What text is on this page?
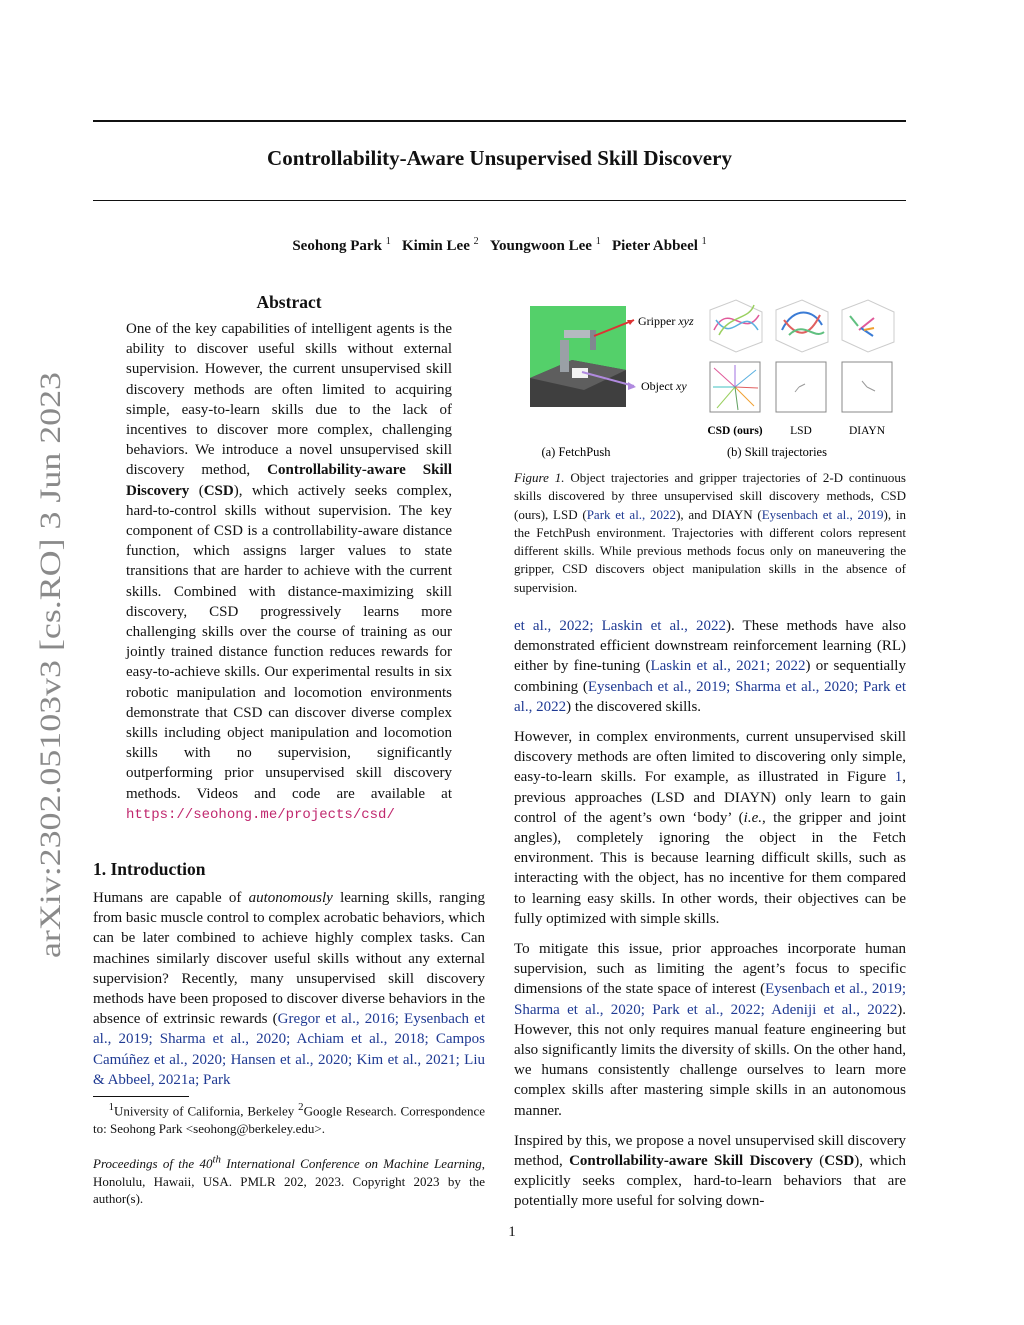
Controllability-Aware Unsupervised Skill Discovery
Seohong Park $^1$ Kimin Lee $^2$ Youngwoon Lee $^1$ Pieter Abbeel $^1$
arXiv:2302.05103v3 [cs.RO] 3 Jun 2023
Abstract
One of the key capabilities of intelligent agents is the ability to discover useful skills without external supervision. However, the current unsupervised skill discovery methods are often limited to acquiring simple, easy-to-learn skills due to the lack of incentives to discover more complex, challenging behaviors. We introduce a novel unsupervised skill discovery method, Controllability-aware Skill Discovery (CSD), which actively seeks complex, hard-to-control skills without supervision. The key component of CSD is a controllability-aware distance function, which assigns larger values to state transitions that are harder to achieve with the current skills. Combined with distance-maximizing skill discovery, CSD progressively learns more challenging skills over the course of training as our jointly trained distance function reduces rewards for easy-to-achieve skills. Our experimental results in six robotic manipulation and locomotion environments demonstrate that CSD can discover diverse complex skills including object manipulation and locomotion skills with no supervision, significantly outperforming prior unsupervised skill discovery methods. Videos and code are available at https://seohong.me/projects/csd/
1. Introduction
Humans are capable of autonomously learning skills, ranging from basic muscle control to complex acrobatic behaviors, which can be later combined to achieve highly complex tasks. Can machines similarly discover useful skills without any external supervision? Recently, many unsupervised skill discovery methods have been proposed to discover diverse behaviors in the absence of extrinsic rewards (Gregor et al., 2016; Eysenbach et al., 2019; Sharma et al., 2020; Achiam et al., 2018; Campos Camúñez et al., 2020; Hansen et al., 2020; Kim et al., 2021; Liu & Abbeel, 2021a; Park
$^1$University of California, Berkeley $^2$Google Research. Correspondence to: Seohong Park <seohong@berkeley.edu>.
Proceedings of the 40th International Conference on Machine Learning, Honolulu, Hawaii, USA. PMLR 202, 2023. Copyright 2023 by the author(s).
Gripper xyz
Object xy
CSD (ours) LSD	DIAYN
(a) FetchPush	(b) Skill trajectories
Figure 1. Object trajectories and gripper trajectories of 2-D continuous skills discovered by three unsupervised skill discovery methods, CSD (ours), LSD (Park et al., 2022), and DIAYN (Eysenbach et al., 2019), in the FetchPush environment. Trajectories with different colors represent different skills. While previous methods focus only on maneuvering the gripper, CSD discovers object manipulation skills in the absence of supervision.

et al., 2022; Laskin et al., 2022). These methods have also demonstrated efficient downstream reinforcement learning (RL) either by fine-tuning (Laskin et al., 2021; 2022) or sequentially combining (Eysenbach et al., 2019; Sharma et al., 2020; Park et al., 2022) the discovered skills.

However, in complex environments, current unsupervised skill discovery methods are often limited to discovering only simple, easy-to-learn skills. For example, as illustrated in Figure 1, previous approaches (LSD and DIAYN) only learn to gain control of the agent’s own ‘body’ (i.e., the gripper and joint angles), completely ignoring the object in the Fetch environment. This is because learning difficult skills, such as interacting with the object, has no incentive for them compared to learning easy skills. In other words, their objectives can be fully optimized with simple skills.

To mitigate this issue, prior approaches incorporate human supervision, such as limiting the agent’s focus to specific dimensions of the state space of interest (Eysenbach et al., 2019; Sharma et al., 2020; Park et al., 2022; Adeniji et al., 2022). However, this not only requires manual feature engineering but also significantly limits the diversity of skills. On the other hand, we humans consistently challenge ourselves to learn more complex skills after mastering simple skills in an autonomous manner.

Inspired by this, we propose a novel unsupervised skill discovery method, Controllability-aware Skill Discovery (CSD), which explicitly seeks complex, hard-to-learn behaviors that are potentially more useful for solving down-

1
